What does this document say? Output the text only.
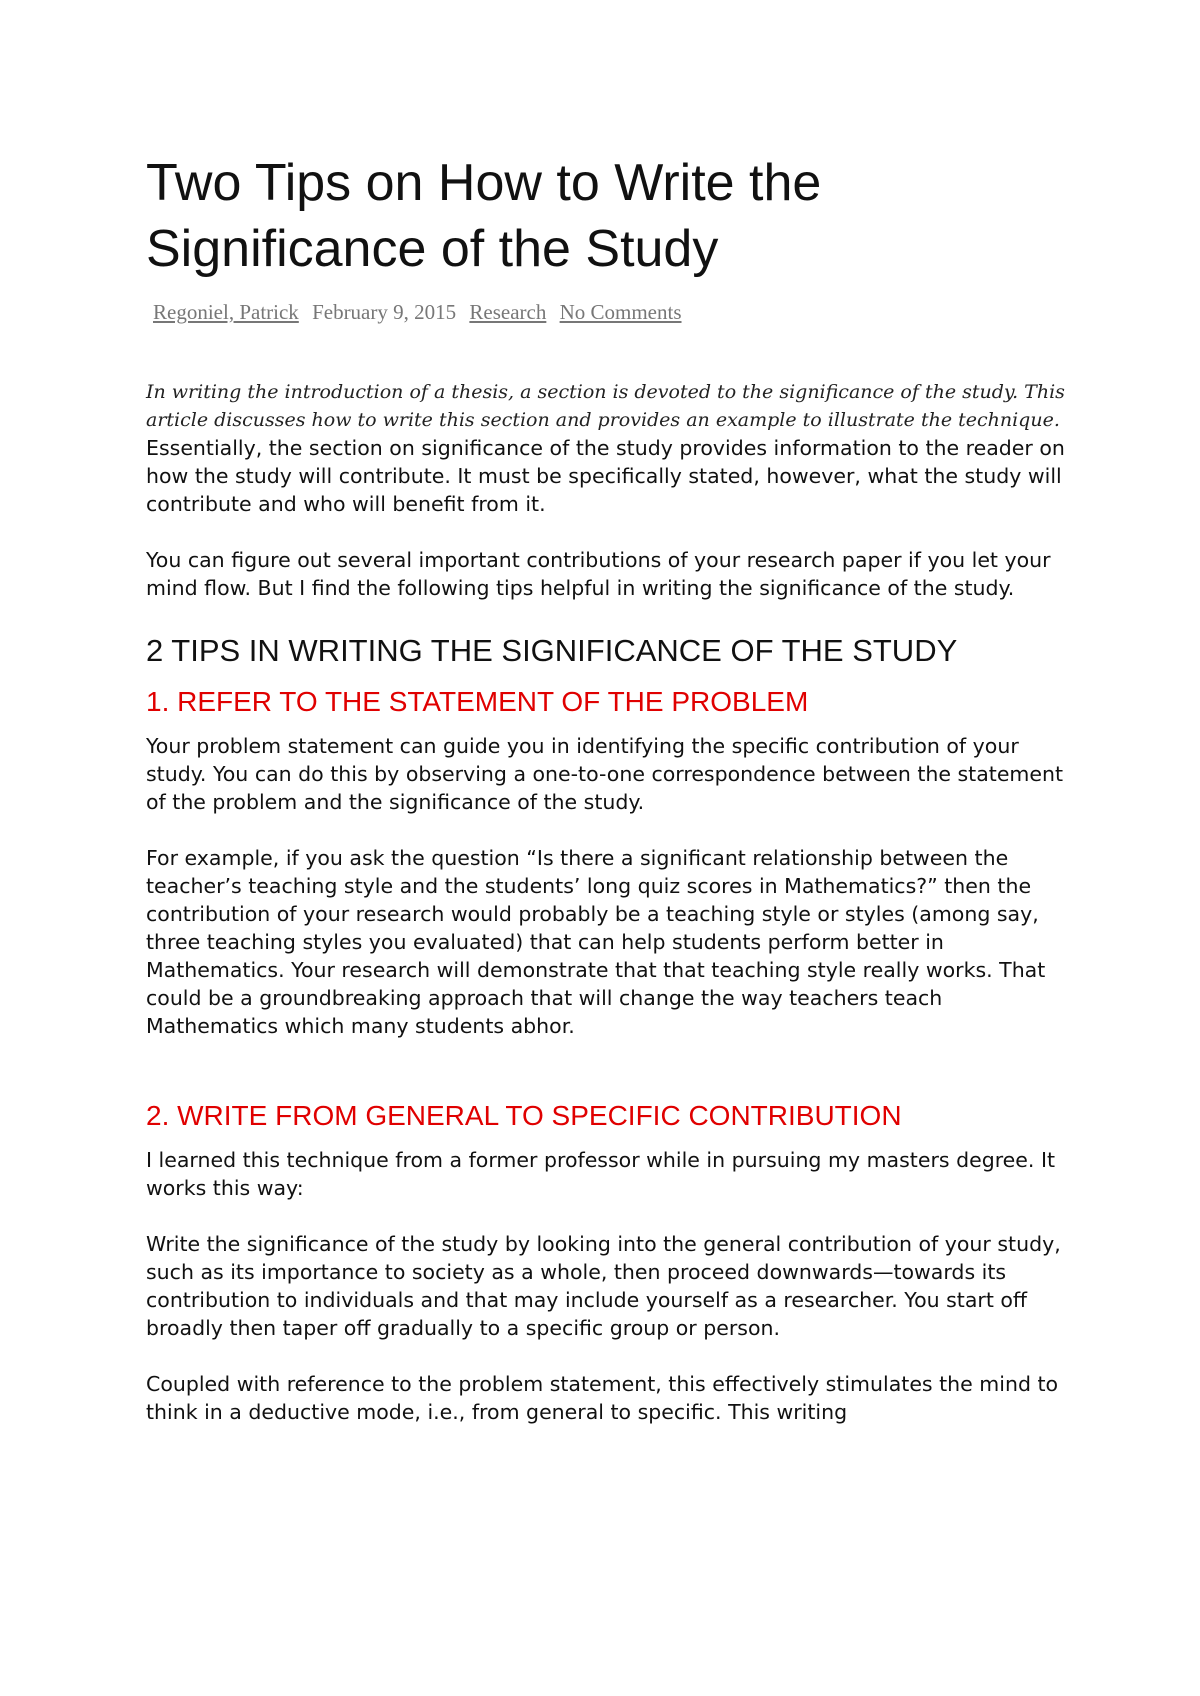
Two Tips on How to Write the
Significance of the Study
Regoniel, Patrick February 9, 2015 Research No Comments

In writing the introduction of a thesis, a section is devoted to the significance of the study. This article discusses how to write this section and provides an example to illustrate the technique.

Essentially, the section on significance of the study provides information to the reader on how the study will contribute. It must be specifically stated, however, what the study will contribute and who will benefit from it.

You can figure out several important contributions of your research paper if you let your mind flow. But I find the following tips helpful in writing the significance of the study.

2 TIPS IN WRITING THE SIGNIFICANCE OF THE STUDY
1. REFER TO THE STATEMENT OF THE PROBLEM

Your problem statement can guide you in identifying the specific contribution of your study. You can do this by observing a one-to-one correspondence between the statement of the problem and the significance of the study.

For example, if you ask the question “Is there a significant relationship between the teacher’s teaching style and the students’ long quiz scores in Mathematics?” then the contribution of your research would probably be a teaching style or styles (among say, three teaching styles you evaluated) that can help students perform better in Mathematics. Your research will demonstrate that that teaching style really works. That could be a groundbreaking approach that will change the way teachers teach Mathematics which many students abhor.

2. WRITE FROM GENERAL TO SPECIFIC CONTRIBUTION

I learned this technique from a former professor while in pursuing my masters degree. It works this way:

Write the significance of the study by looking into the general contribution of your study, such as its importance to society as a whole, then proceed downwards—towards its contribution to individuals and that may include yourself as a researcher. You start off broadly then taper off gradually to a specific group or person.

Coupled with reference to the problem statement, this effectively stimulates the mind to think in a deductive mode, i.e., from general to specific. This writing
